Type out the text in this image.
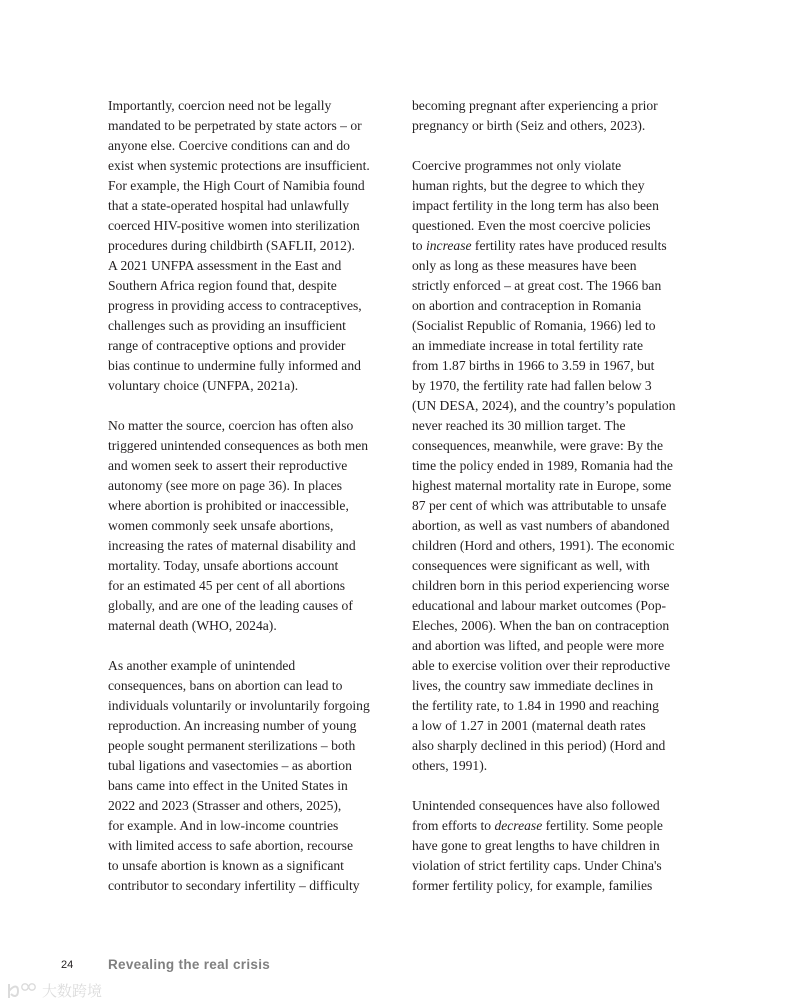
Importantly, coercion need not be legally
mandated to be perpetrated by state actors – or
anyone else. Coercive conditions can and do
exist when systemic protections are insufficient.
For example, the High Court of Namibia found
that a state-operated hospital had unlawfully
coerced HIV-positive women into sterilization
procedures during childbirth (SAFLII, 2012).
A 2021 UNFPA assessment in the East and
Southern Africa region found that, despite
progress in providing access to contraceptives,
challenges such as providing an insufficient
range of contraceptive options and provider
bias continue to undermine fully informed and
voluntary choice (UNFPA, 2021a).

No matter the source, coercion has often also
triggered unintended consequences as both men
and women seek to assert their reproductive
autonomy (see more on page 36). In places
where abortion is prohibited or inaccessible,
women commonly seek unsafe abortions,
increasing the rates of maternal disability and
mortality. Today, unsafe abortions account
for an estimated 45 per cent of all abortions
globally, and are one of the leading causes of
maternal death (WHO, 2024a).

As another example of unintended
consequences, bans on abortion can lead to
individuals voluntarily or involuntarily forgoing
reproduction. An increasing number of young
people sought permanent sterilizations – both
tubal ligations and vasectomies – as abortion
bans came into effect in the United States in
2022 and 2023 (Strasser and others, 2025),
for example. And in low-income countries
with limited access to safe abortion, recourse
to unsafe abortion is known as a significant
contributor to secondary infertility – difficulty

becoming pregnant after experiencing a prior
pregnancy or birth (Seiz and others, 2023).

Coercive programmes not only violate
human rights, but the degree to which they
impact fertility in the long term has also been
questioned. Even the most coercive policies
to increase fertility rates have produced results
only as long as these measures have been
strictly enforced – at great cost. The 1966 ban
on abortion and contraception in Romania
(Socialist Republic of Romania, 1966) led to
an immediate increase in total fertility rate
from 1.87 births in 1966 to 3.59 in 1967, but
by 1970, the fertility rate had fallen below 3
(UN DESA, 2024), and the country’s population
never reached its 30 million target. The
consequences, meanwhile, were grave: By the
time the policy ended in 1989, Romania had the
highest maternal mortality rate in Europe, some
87 per cent of which was attributable to unsafe
abortion, as well as vast numbers of abandoned
children (Hord and others, 1991). The economic
consequences were significant as well, with
children born in this period experiencing worse
educational and labour market outcomes (Pop-
Eleches, 2006). When the ban on contraception
and abortion was lifted, and people were more
able to exercise volition over their reproductive
lives, the country saw immediate declines in
the fertility rate, to 1.84 in 1990 and reaching
a low of 1.27 in 2001 (maternal death rates
also sharply declined in this period) (Hord and
others, 1991).

Unintended consequences have also followed
from efforts to decrease fertility. Some people
have gone to great lengths to have children in
violation of strict fertility caps. Under China's
former fertility policy, for example, families

24	Revealing the real crisis
大数跨境
